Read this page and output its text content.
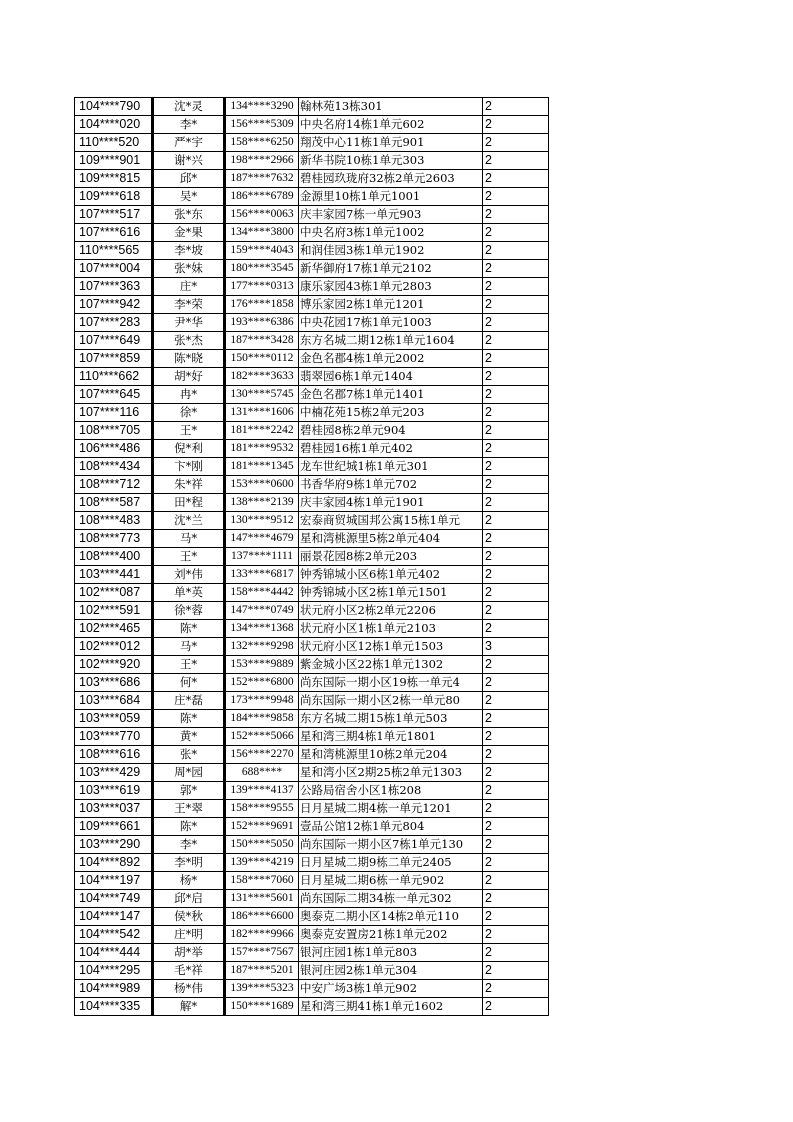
104****790	沈*灵	134****3290	翰林苑13栋301	2
104****020	李*	156****5309	中央名府14栋1单元602	2
110****520	严*宇	158****6250	翔茂中心11栋1单元901	2
109****901	谢*兴	198****2966	新华书院10栋1单元303	2
109****815	邱*	187****7632	碧桂园玖珑府32栋2单元2603	2
109****618	吴*	186****6789	金源里10栋1单元1001	2
107****517	张*东	156****0063	庆丰家园7栋一单元903	2
107****616	金*果	134****3800	中央名府3栋1单元1002	2
110****565	李*坡	159****4043	和润佳园3栋1单元1902	2
107****004	张*妹	180****3545	新华御府17栋1单元2102	2
107****363	庄*	177****0313	康乐家园43栋1单元2803	2
107****942	李*荣	176****1858	博乐家园2栋1单元1201	2
107****283	尹*华	193****6386	中央花园17栋1单元1003	2
107****649	张*杰	187****3428	东方名城二期12栋1单元1604	2
107****859	陈*晓	150****0112	金色名郡4栋1单元2002	2
110****662	胡*好	182****3633	翡翠园6栋1单元1404	2
107****645	冉*	130****5745	金色名郡7栋1单元1401	2
107****116	徐*	131****1606	中楠花苑15栋2单元203	2
108****705	王*	181****2242	碧桂园8栋2单元904	2
106****486	倪*利	181****9532	碧桂园16栋1单元402	2
108****434	卞*刚	181****1345	龙车世纪城1栋1单元301	2
108****712	朱*祥	153****0600	书香华府9栋1单元702	2
108****587	田*程	138****2139	庆丰家园4栋1单元1901	2
108****483	沈*兰	130****9512	宏泰商贸城国邦公寓15栋1单元	2
108****773	马*	147****4679	星和湾桃源里5栋2单元404	2
108****400	王*	137****1111	丽景花园8栋2单元203	2
103****441	刘*伟	133****6817	钟秀锦城小区6栋1单元402	2
102****087	单*英	158****4442	钟秀锦城小区2栋1单元1501	2
102****591	徐*蓉	147****0749	状元府小区2栋2单元2206	2
102****465	陈*	134****1368	状元府小区1栋1单元2103	2
102****012	马*	132****9298	状元府小区12栋1单元1503	3
102****920	王*	153****9889	紫金城小区22栋1单元1302	2
103****686	何*	152****6800	尚东国际一期小区19栋一单元4	2
103****684	庄*磊	173****9948	尚东国际一期小区2栋一单元80	2
103****059	陈*	184****9858	东方名城二期15栋1单元503	2
103****770	黄*	152****5066	星和湾三期4栋1单元1801	2
108****616	张*	156****2270	星和湾桃源里10栋2单元204	2
103****429	周*园	688****	星和湾小区2期25栋2单元1303	2
103****619	郭*	139****4137	公路局宿舍小区1栋208	2
103****037	王*翠	158****9555	日月星城二期4栋一单元1201	2
109****661	陈*	152****9691	壹品公馆12栋1单元804	2
103****290	李*	150****5050	尚东国际一期小区7栋1单元130	2
104****892	李*明	139****4219	日月星城二期9栋二单元2405	2
104****197	杨*	158****7060	日月星城二期6栋一单元902	2
104****749	邱*启	131****5601	尚东国际二期34栋一单元302	2
104****147	侯*秋	186****6600	奥泰克二期小区14栋2单元110	2
104****542	庄*明	182****9966	奥泰克安置房21栋1单元202	2
104****444	胡*举	157****7567	银河庄园1栋1单元803	2
104****295	毛*祥	187****5201	银河庄园2栋1单元304	2
104****989	杨*伟	139****5323	中安广场3栋1单元902	2
104****335	解*	150****1689	星和湾三期41栋1单元1602	2
